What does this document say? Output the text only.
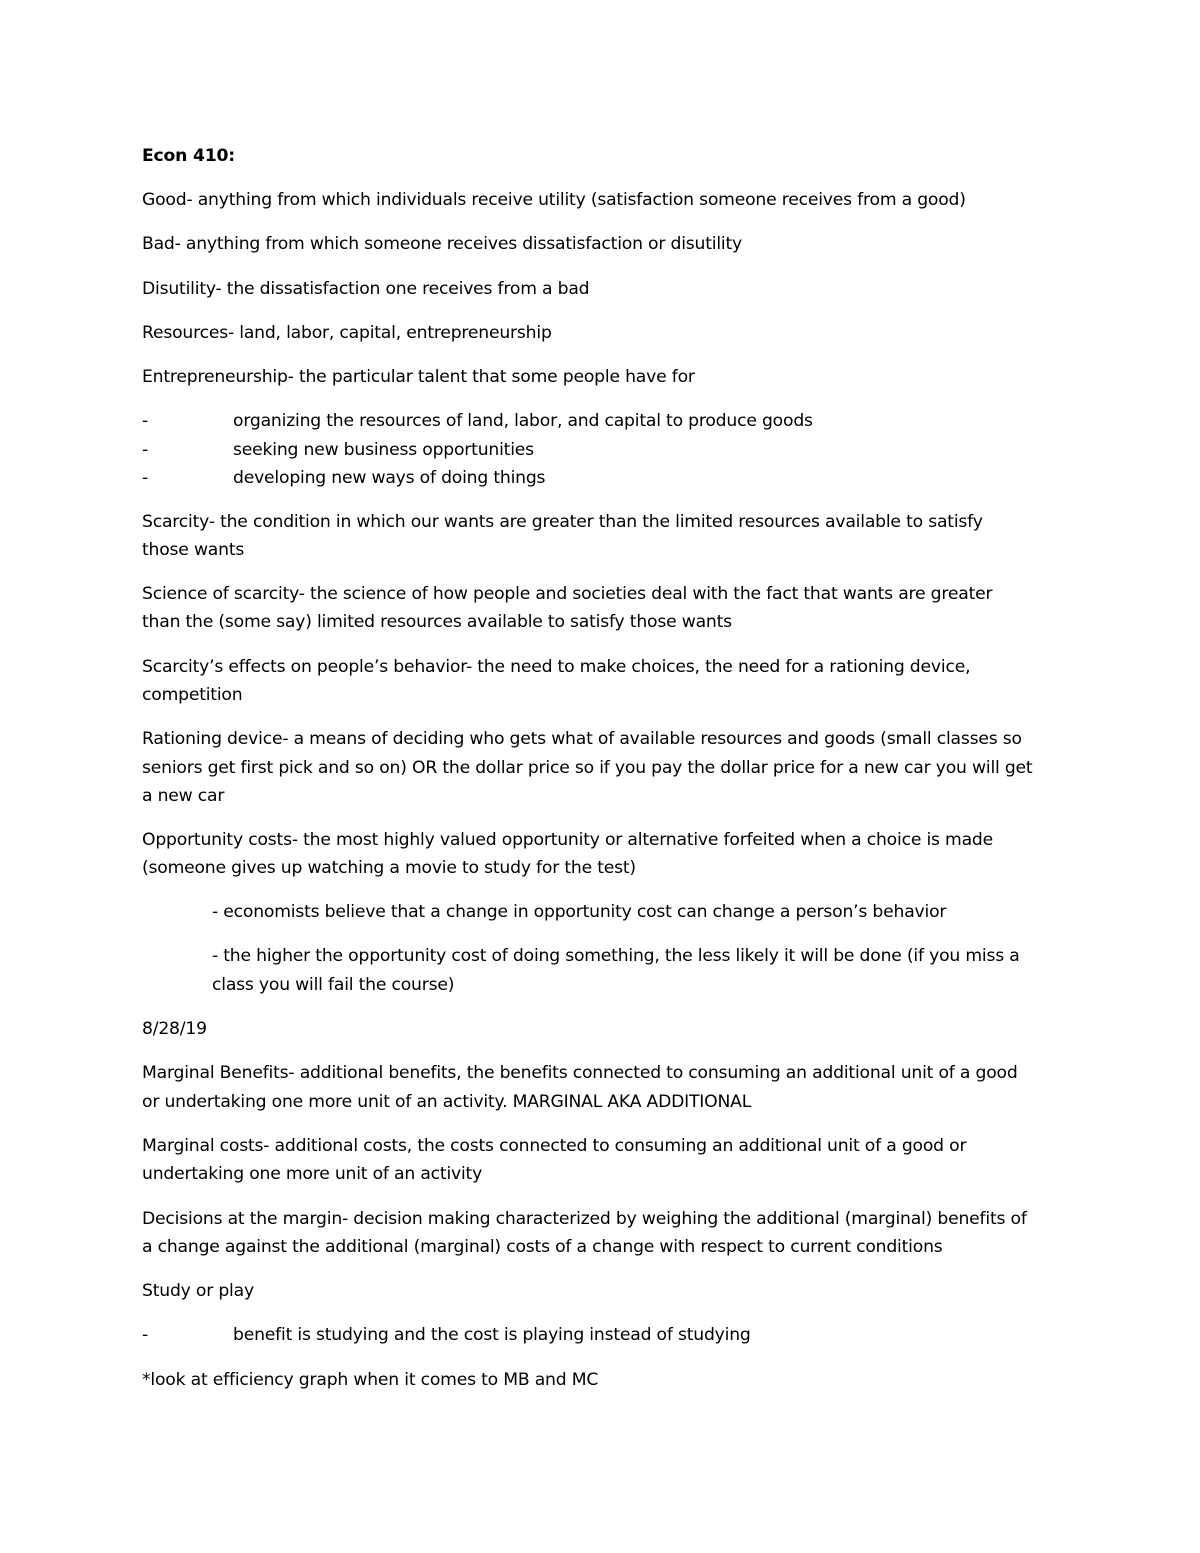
Econ 410:
Good- anything from which individuals receive utility (satisfaction someone receives from a good)
Bad- anything from which someone receives dissatisfaction or disutility
Disutility- the dissatisfaction one receives from a bad
Resources- land, labor, capital, entrepreneurship
Entrepreneurship- the particular talent that some people have for
-	organizing the resources of land, labor, and capital to produce goods
-	seeking new business opportunities
-	developing new ways of doing things
Scarcity- the condition in which our wants are greater than the limited resources available to satisfy
those wants
Science of scarcity- the science of how people and societies deal with the fact that wants are greater
than the (some say) limited resources available to satisfy those wants
Scarcity’s effects on people’s behavior- the need to make choices, the need for a rationing device,
competition
Rationing device- a means of deciding who gets what of available resources and goods (small classes so
seniors get first pick and so on) OR the dollar price so if you pay the dollar price for a new car you will get
a new car
Opportunity costs- the most highly valued opportunity or alternative forfeited when a choice is made
(someone gives up watching a movie to study for the test)
- economists believe that a change in opportunity cost can change a person’s behavior
- the higher the opportunity cost of doing something, the less likely it will be done (if you miss a
class you will fail the course)
8/28/19
Marginal Benefits- additional benefits, the benefits connected to consuming an additional unit of a good
or undertaking one more unit of an activity. MARGINAL AKA ADDITIONAL
Marginal costs- additional costs, the costs connected to consuming an additional unit of a good or
undertaking one more unit of an activity
Decisions at the margin- decision making characterized by weighing the additional (marginal) benefits of
a change against the additional (marginal) costs of a change with respect to current conditions
Study or play
-	benefit is studying and the cost is playing instead of studying
*look at efficiency graph when it comes to MB and MC
